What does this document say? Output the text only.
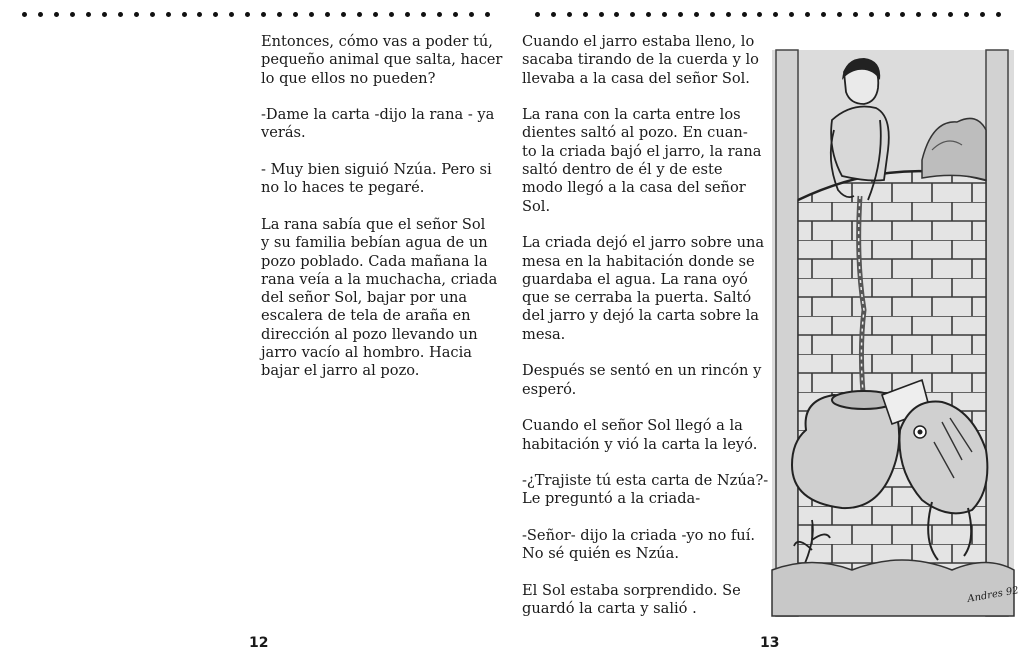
Entonces, cómo vas a poder tú,
pequeño animal que salta, hacer
lo que ellos no pueden?

-Dame la carta -dijo la rana - ya
verás.

- Muy bien siguió Nzúa. Pero si
no lo haces te pegaré.

La rana sabía que el señor Sol
y su familia bebían agua de un
pozo poblado. Cada mañana la
rana veía a la muchacha, criada
del señor Sol, bajar por una
escalera de tela de araña en
dirección al pozo llevando un
jarro vacío al hombro. Hacia
bajar el jarro al pozo.

Cuando el jarro estaba lleno, lo
sacaba tirando de la cuerda y lo
llevaba a la casa del señor Sol.

La rana con la carta entre los
dientes saltó al pozo. En cuan-
to la criada bajó el jarro, la rana
saltó dentro de él y de este
modo llegó a la casa del señor
Sol.

La criada dejó el jarro sobre una
mesa en la habitación donde se
guardaba el agua. La rana oyó
que se cerraba la puerta. Saltó
del jarro y dejó la carta sobre la
mesa.

Después se sentó en un rincón y
esperó.

Cuando el señor Sol llegó a la
habitación y vió la carta la leyó.

-¿Trajiste tú esta carta de Nzúa?-
Le preguntó a la criada-

-Señor- dijo la criada -yo no fuí.
No sé quién es Nzúa.

El Sol estaba sorprendido. Se
guardó la carta y salió .

Andres 92
12	13
